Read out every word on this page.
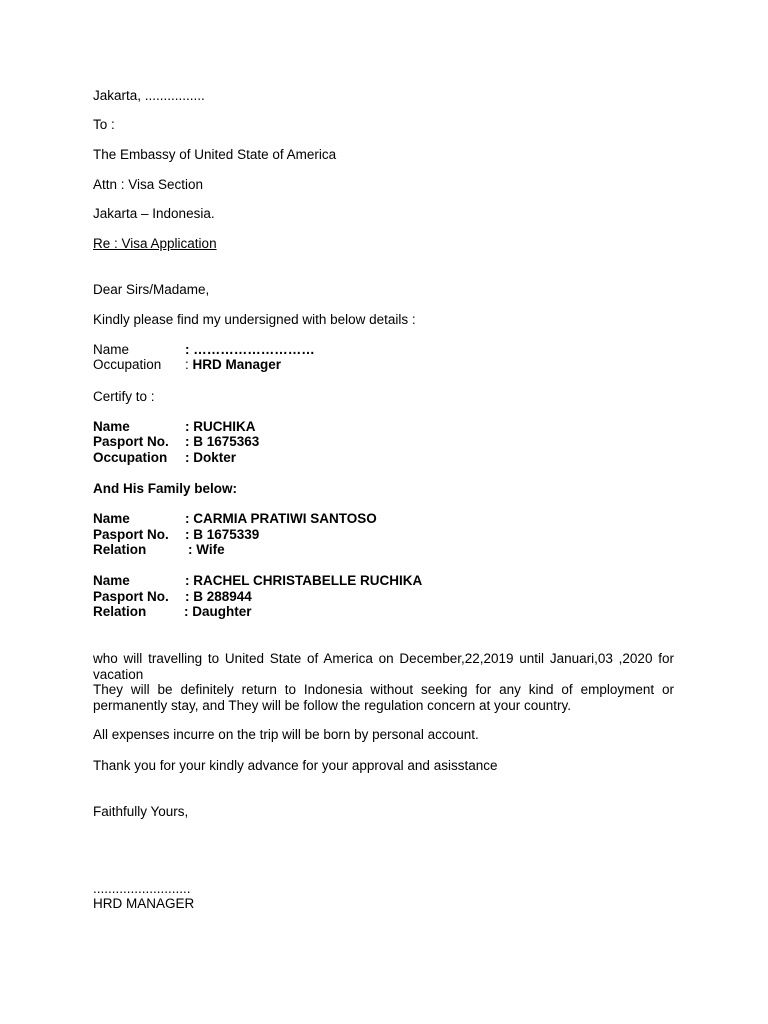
Jakarta, ................
To :
The Embassy of United State of America
Attn : Visa Section
Jakarta – Indonesia.
Re : Visa Application
Dear Sirs/Madame,
Kindly please find my undersigned with below details :
Name	: ………………………
Occupation : HRD Manager
Certify to :
Name	: RUCHIKA
Pasport No. : B 1675363
Occupation : Dokter
And His Family below:
Name	: CARMIA PRATIWI SANTOSO
Pasport No. : B 1675339
Relation	: Wife
Name	: RACHEL CHRISTABELLE RUCHIKA
Pasport No. : B 288944
Relation	: Daughter
who will travelling to United State of America on December,22,2019 until Januari,03 ,2020 for vacation
They will be definitely return to Indonesia without seeking for any kind of employment or permanently stay, and They will be follow the regulation concern at your country.
All expenses incurre on the trip will be born by personal account.
Thank you for your kindly advance for your approval and asisstance
Faithfully Yours,
..........................
HRD MANAGER
